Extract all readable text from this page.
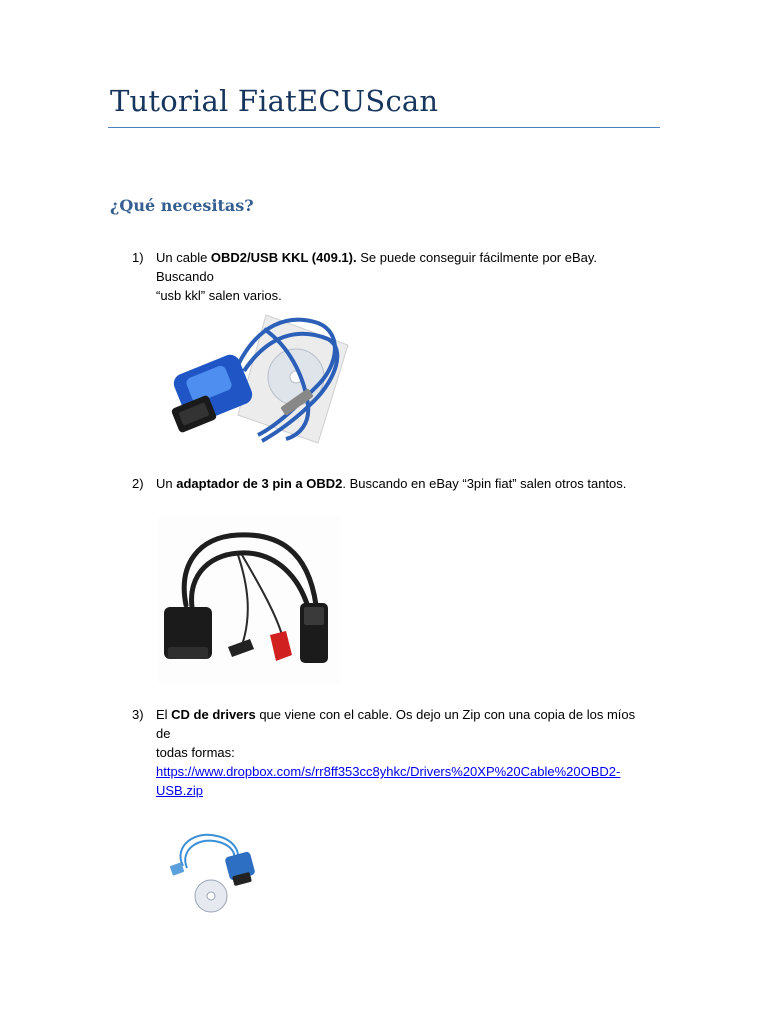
Tutorial FiatECUScan
¿Qué necesitas?
1) Un cable OBD2/USB KKL (409.1). Se puede conseguir fácilmente por eBay. Buscando
“usb kkl” salen varios.
2) Un adaptador de 3 pin a OBD2. Buscando en eBay “3pin fiat” salen otros tantos.
3) El CD de drivers que viene con el cable. Os dejo un Zip con una copia de los míos de
todas formas:
https://www.dropbox.com/s/rr8ff353cc8yhkc/Drivers%20XP%20Cable%20OBD2-
USB.zip
